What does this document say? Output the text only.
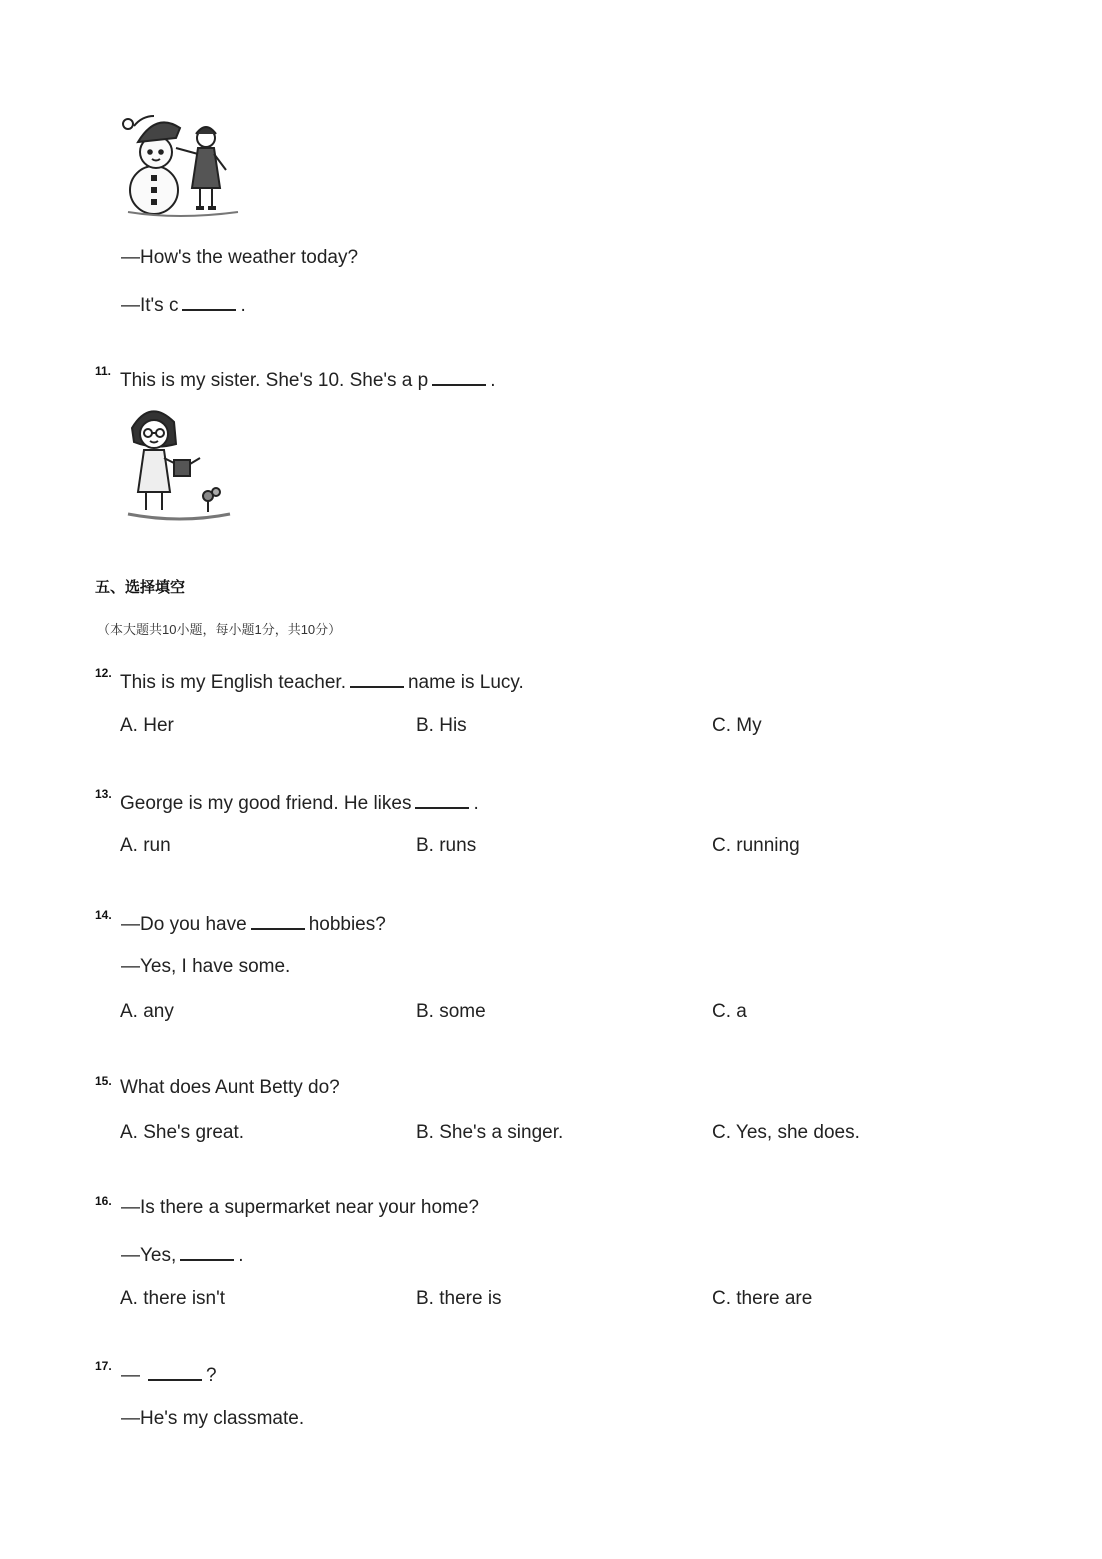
—How's the weather today?
—It's c	.
11. This is my sister. She's 10. She's a p	.
五、选择填空
（本大题共10小题，每小题1分，共10分）
12. This is my English teacher.	name is Lucy.
A. Her	B. His	C. My
13. George is my good friend. He likes	.
A. run	B. runs	C. running
14. —Do you have	hobbies?
—Yes, I have some.
A. any	B. some	C. a
15. What does Aunt Betty do?
A. She's great.	B. She's a singer.	C. Yes, she does.
16. —Is there a supermarket near your home?
—Yes,	.
A. there isn't	B. there is	C. there are
17. —	?
—He's my classmate.
